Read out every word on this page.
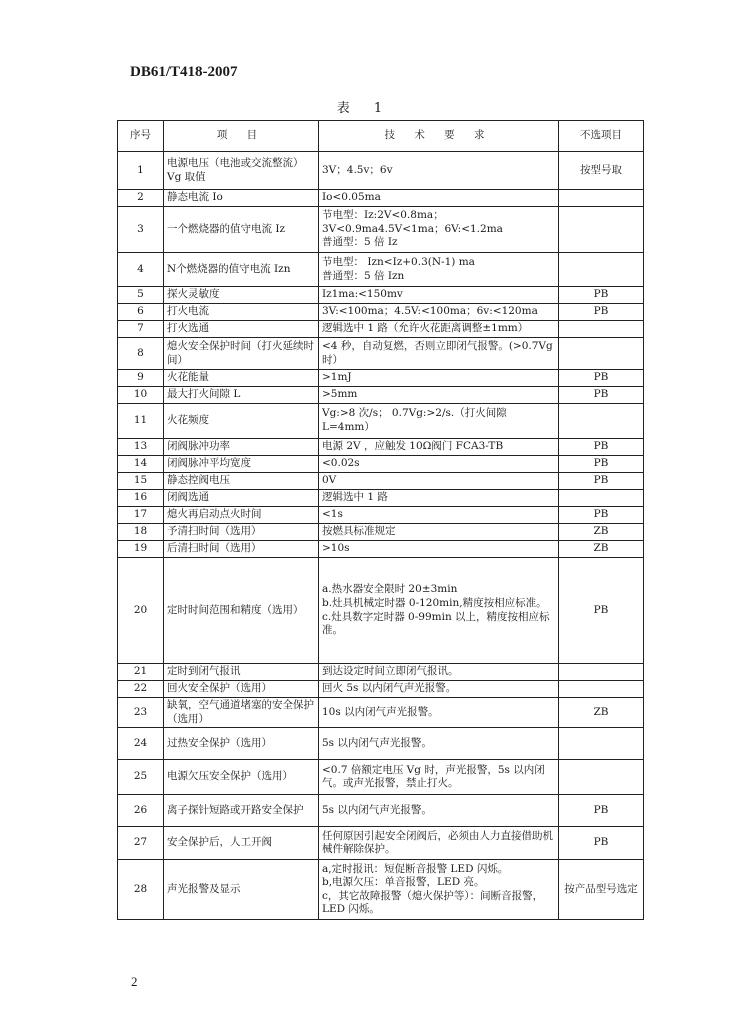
DB61/T418-2007
表 1
序号	项 目	技 术 要 求	不选项目
1	电源电压（电池或交流整流）Vg 取值	3V；4.5v；6v	按型号取
2	静态电流 Io	Io<0.05ma	
3	一个燃烧器的值守电流 Iz	节电型：Iz:2V<0.8ma；3V<0.9ma4.5V<1ma；6V:<1.2ma
普通型：5 倍 Iz	
4	N个燃烧器的值守电流 Izn	节电型： Izn<Iz+0.3(N-1) ma
普通型：5 倍 Izn	
5	探火灵敏度	Iz1ma:<150mv	PB
6	打火电流	3V:<100ma；4.5V:<100ma；6v:<120ma	PB
7	打火选通	逻辑选中 1 路（允许火花距离调整±1mm）	
8	熄火安全保护时间（打火延续时间）	<4 秒，自动复燃，否则立即闭气报警。(>0.7Vg 时）	
9	火花能量	>1mJ	PB
10	最大打火间隙 L	>5mm	PB
11	火花频度	Vg:>8 次/s； 0.7Vg:>2/s.（打火间隙 L=4mm）	
13	闭阀脉冲功率	电源 2V ，应触发 10Ω阀门 FCA3-TB	PB
14	闭阀脉冲平均宽度	<0.02s	PB
15	静态控阀电压	0V	PB
16	闭阀选通	逻辑选中 1 路	
17	熄火再启动点火时间	<1s	PB
18	予清扫时间（选用）	按燃具标准规定	ZB
19	后清扫时间（选用）	>10s	ZB
20	定时时间范围和精度（选用）	a.热水器安全限时 20±3min
b.灶具机械定时器 0-120min,精度按相应标准。
c.灶具数字定时器 0-99min 以上，精度按相应标准。	PB
21	定时到闭气报讯	到达设定时间立即闭气报讯。	
22	回火安全保护（选用）	回火 5s 以内闭气声光报警。	
23	缺氧，空气通道堵塞的安全保护（选用）	10s 以内闭气声光报警。	ZB
24	过热安全保护（选用）	5s 以内闭气声光报警。	
25	电源欠压安全保护（选用）	<0.7 倍额定电压 Vg 时，声光报警，5s 以内闭气。或声光报警，禁止打火。	
26	离子探针短路或开路安全保护	5s 以内闭气声光报警。	PB
27	安全保护后，人工开阀	任何原因引起安全闭阀后，必须由人力直接借助机械件解除保护。	PB
28	声光报警及显示	a,定时报讯：短促断音报警 LED 闪烁。
b,电源欠压：单音报警，LED 亮。
c，其它故障报警（熄火保护等）：间断音报警，LED 闪烁。	按产品型号选定
2
